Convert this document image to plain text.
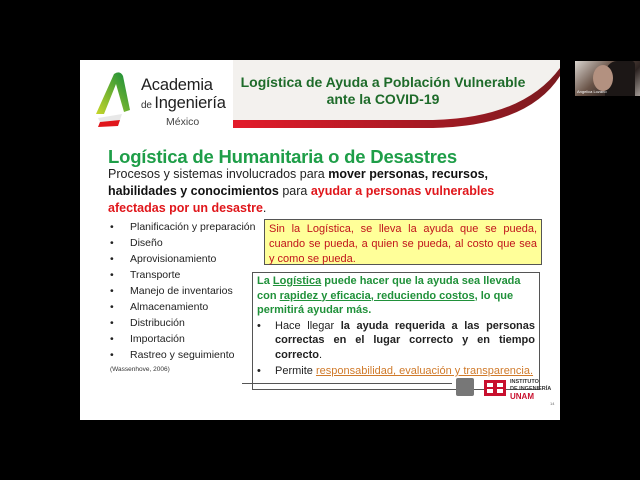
Academia
de Ingeniería
México
Logística de Ayuda a Población Vulnerable ante la COVID-19
Logística de Humanitaria o de Desastres
Procesos y sistemas involucrados para mover personas, recursos, habilidades y conocimientos para ayudar a personas vulnerables afectadas por un desastre.
• Planificación y preparación
• Diseño
• Aprovisionamiento
• Transporte
• Manejo de inventarios
• Almacenamiento
• Distribución
• Importación
• Rastreo y seguimiento
(Wassenhove, 2006)
Sin la Logística, se lleva la ayuda que se pueda, cuando se pueda, a quien se pueda, al costo que sea y como se pueda.
La Logística puede hacer que la ayuda sea llevada con rapidez y eficacia, reduciendo costos, lo que permitirá ayudar más.
•	Hace llegar la ayuda requerida a las personas correctas en el lugar correcto y en tiempo correcto.
•	Permite responsabilidad, evaluación y transparencia.
INSTITUTO
DE INGENIERÍA
UNAM
14
Angelica Lozano
